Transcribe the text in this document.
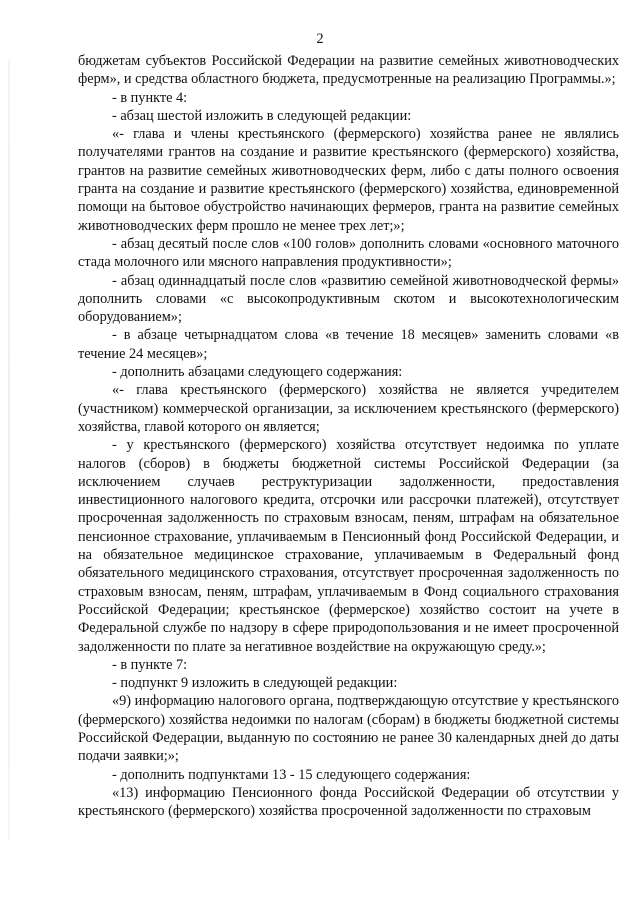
2

бюджетам субъектов Российской Федерации на развитие семейных животноводческих ферм», и средства областного бюджета, предусмотренные на реализацию Программы.»;

- в пункте 4:

- абзац шестой изложить в следующей редакции:

«- глава и члены крестьянского (фермерского) хозяйства ранее не являлись получателями грантов на создание и развитие крестьянского (фермерского) хозяйства, грантов на развитие семейных животноводческих ферм, либо с даты полного освоения гранта на создание и развитие крестьянского (фермерского) хозяйства, единовременной помощи на бытовое обустройство начинающих фермеров, гранта на развитие семейных животноводческих ферм прошло не менее трех лет;»;

- абзац десятый после слов «100 голов» дополнить словами «основного маточного стада молочного или мясного направления продуктивности»;

- абзац одиннадцатый после слов «развитию семейной животноводческой фермы» дополнить словами «с высокопродуктивным скотом и высокотехнологическим оборудованием»;

- в абзаце четырнадцатом слова «в течение 18 месяцев» заменить словами «в течение 24 месяцев»;

- дополнить абзацами следующего содержания:

«- глава крестьянского (фермерского) хозяйства не является учредителем (участником) коммерческой организации, за исключением крестьянского (фермерского) хозяйства, главой которого он является;

- у крестьянского (фермерского) хозяйства отсутствует недоимка по уплате налогов (сборов) в бюджеты бюджетной системы Российской Федерации (за исключением случаев реструктуризации задолженности, предоставления инвестиционного налогового кредита, отсрочки или рассрочки платежей), отсутствует просроченная задолженность по страховым взносам, пеням, штрафам на обязательное пенсионное страхование, уплачиваемым в Пенсионный фонд Российской Федерации, и на обязательное медицинское страхование, уплачиваемым в Федеральный фонд обязательного медицинского страхования, отсутствует просроченная задолженность по страховым взносам, пеням, штрафам, уплачиваемым в Фонд социального страхования Российской Федерации; крестьянское (фермерское) хозяйство состоит на учете в Федеральной службе по надзору в сфере природопользования и не имеет просроченной задолженности по плате за негативное воздействие на окружающую среду.»;

- в пункте 7:

- подпункт 9 изложить в следующей редакции:

«9) информацию налогового органа, подтверждающую отсутствие у крестьянского (фермерского) хозяйства недоимки по налогам (сборам) в бюджеты бюджетной системы Российской Федерации, выданную по состоянию не ранее 30 календарных дней до даты подачи заявки;»;

- дополнить подпунктами 13 - 15 следующего содержания:

«13) информацию Пенсионного фонда Российской Федерации об отсутствии у крестьянского (фермерского) хозяйства просроченной задолженности по страховым
